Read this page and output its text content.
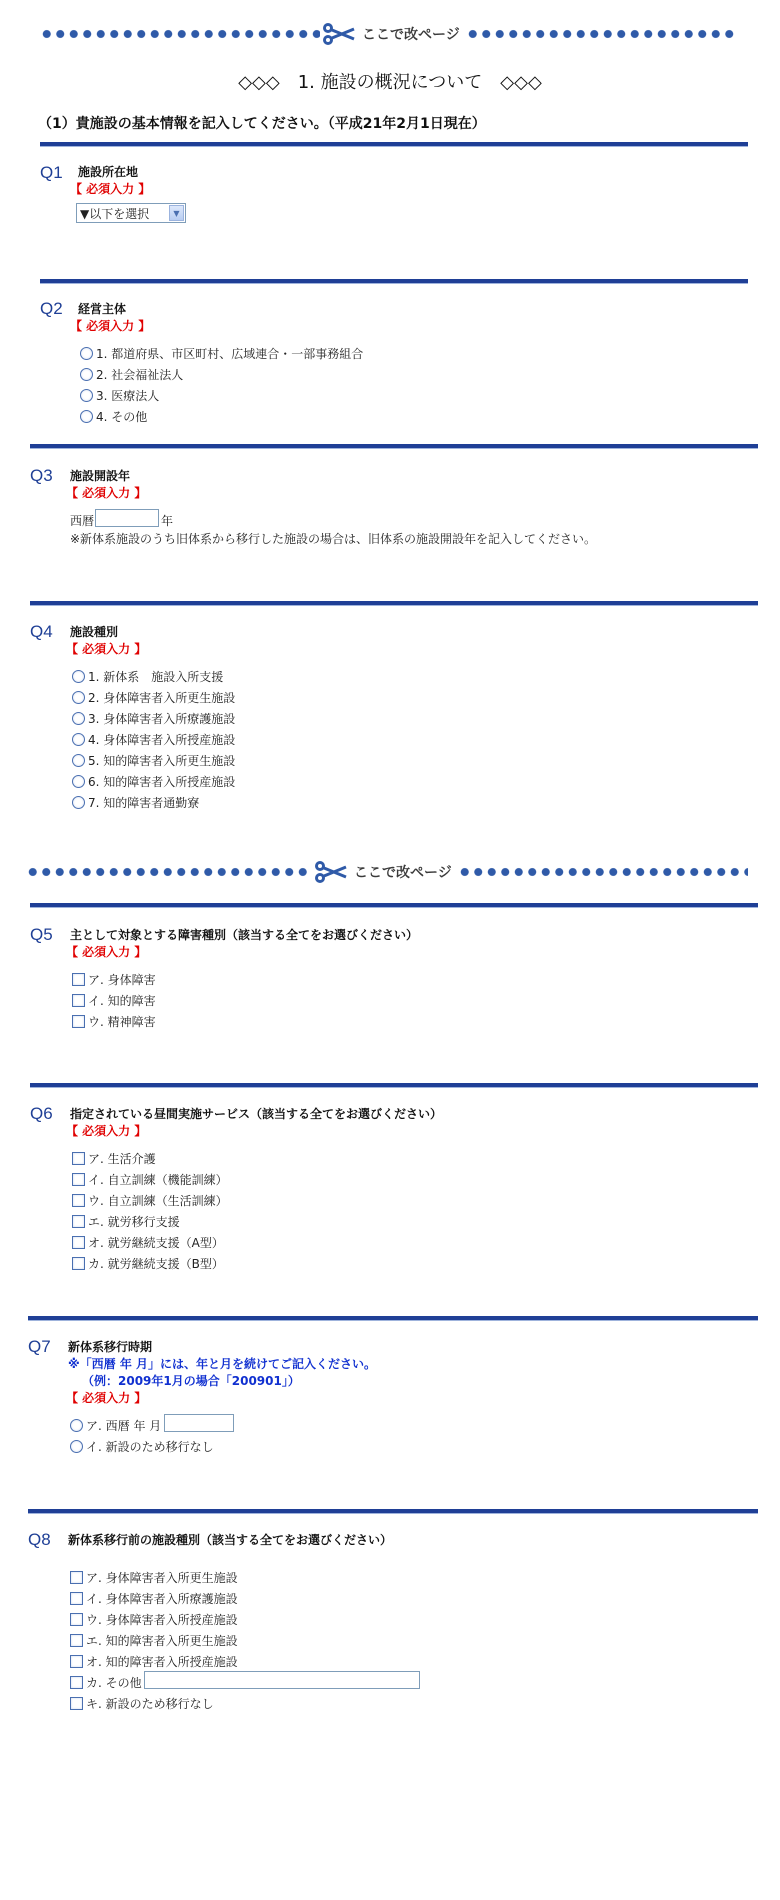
ここで改ページ
◇◇◇　1. 施設の概況について　◇◇◇
（1）貴施設の基本情報を記入してください。（平成21年2月1日現在）
Q1 施設所在地
【 必須入力 】
▼以下を選択	▼
Q2 経営主体
【 必須入力 】
1. 都道府県、市区町村、広域連合・一部事務組合
2. 社会福祉法人
3. 医療法人
4. その他
Q3 施設開設年
【 必須入力 】
西暦	年
※新体系施設のうち旧体系から移行した施設の場合は、旧体系の施設開設年を記入してください。
Q4 施設種別
【 必須入力 】
1. 新体系　施設入所支援
2. 身体障害者入所更生施設
3. 身体障害者入所療護施設
4. 身体障害者入所授産施設
5. 知的障害者入所更生施設
6. 知的障害者入所授産施設
7. 知的障害者通勤寮
ここで改ページ
Q5 主として対象とする障害種別（該当する全てをお選びください）
【 必須入力 】
ア. 身体障害
イ. 知的障害
ウ. 精神障害
Q6 指定されている昼間実施サービス（該当する全てをお選びください）
【 必須入力 】
ア. 生活介護
イ. 自立訓練（機能訓練）
ウ. 自立訓練（生活訓練）
エ. 就労移行支援
オ. 就労継続支援（A型）
カ. 就労継続支援（B型）
Q7 新体系移行時期
※「西暦 年 月」には、年と月を続けてご記入ください。
（例：2009年1月の場合「200901」）
【 必須入力 】
ア. 西暦 年 月
イ. 新設のため移行なし
Q8 新体系移行前の施設種別（該当する全てをお選びください）
ア. 身体障害者入所更生施設
イ. 身体障害者入所療護施設
ウ. 身体障害者入所授産施設
エ. 知的障害者入所更生施設
オ. 知的障害者入所授産施設
カ. その他
キ. 新設のため移行なし
